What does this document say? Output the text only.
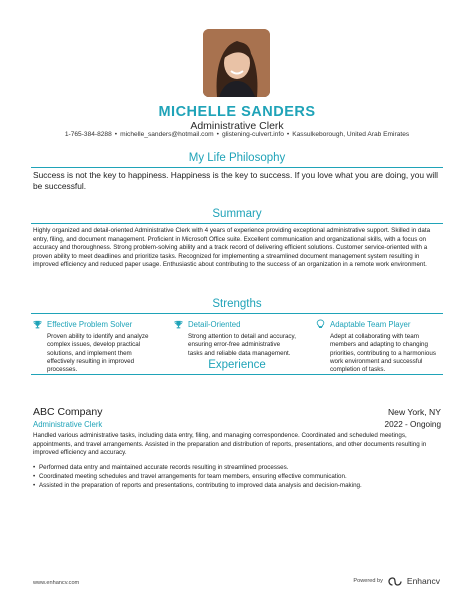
MICHELLE SANDERS
Administrative Clerk
1-765-384-8288 • michelle_sanders@hotmail.com • glistening-culvert.info • Kassulkeborough, United Arab Emirates
My Life Philosophy
Success is not the key to happiness. Happiness is the key to success. If you love what you are doing, you will be successful.
Summary
Highly organized and detail-oriented Administrative Clerk with 4 years of experience providing exceptional administrative support. Skilled in data entry, filing, and document management. Proficient in Microsoft Office suite. Excellent communication and organizational skills, with a focus on accuracy and thoroughness. Strong problem-solving ability and a track record of delivering efficient solutions. Customer service-oriented with a proven ability to meet deadlines and prioritize tasks. Recognized for implementing a streamlined document management system resulting in improved efficiency and reduced paper usage. Enthusiastic about contributing to the success of an organization in a remote work environment.
Strengths
Effective Problem Solver
Proven ability to identify and analyze complex issues, develop practical solutions, and implement them effectively resulting in improved processes.
Detail-Oriented
Strong attention to detail and accuracy, ensuring error-free administrative tasks and reliable data management.
Adaptable Team Player
Adept at collaborating with team members and adapting to changing priorities, contributing to a harmonious work environment and successful completion of tasks.
Experience
ABC Company	New York, NY
Administrative Clerk	2022 - Ongoing
Handled various administrative tasks, including data entry, filing, and managing correspondence. Coordinated and scheduled meetings, appointments, and travel arrangements. Assisted in the preparation and distribution of reports, presentations, and other documents resulting in improved efficiency and accuracy.
• Performed data entry and maintained accurate records resulting in streamlined processes.
• Coordinated meeting schedules and travel arrangements for team members, ensuring effective communication.
• Assisted in the preparation of reports and presentations, contributing to improved data analysis and decision-making.
www.enhancv.com	Powered by	Enhancv
